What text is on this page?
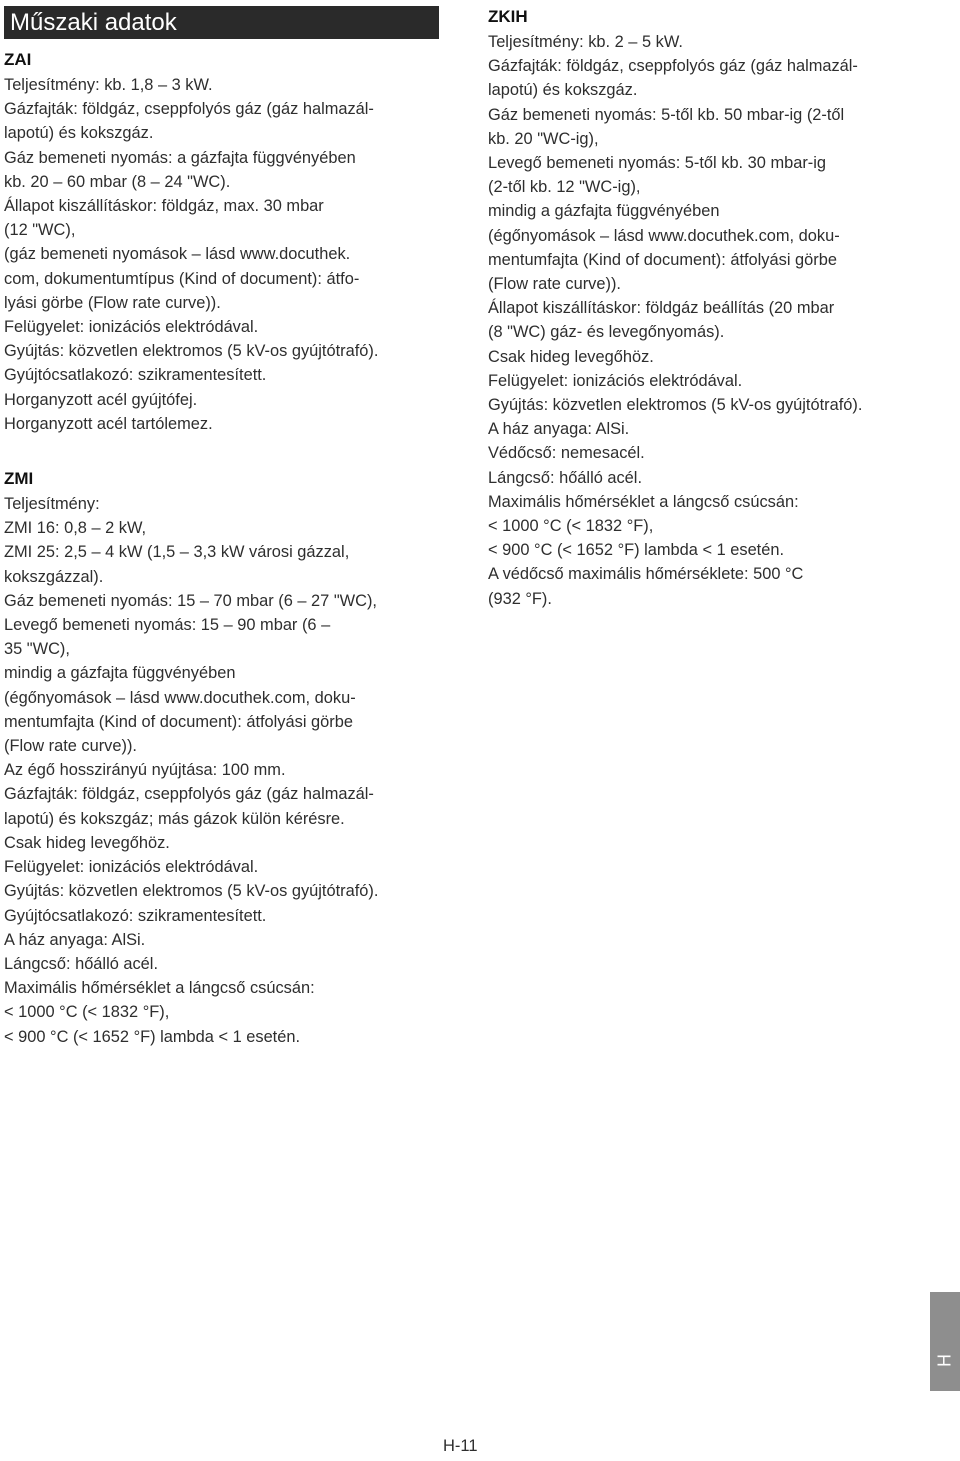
Műszaki adatok
ZAI
Teljesítmény: kb. 1,8 – 3 kW.
Gázfajták: földgáz, cseppfolyós gáz (gáz halmazál-
lapotú) és kokszgáz.
Gáz bemeneti nyomás: a gázfajta függvényében
kb. 20 – 60 mbar (8 – 24 "WC).
Állapot kiszállításkor: földgáz, max. 30 mbar
(12 "WC),
(gáz bemeneti nyomások – lásd www.docuthek.
com, dokumentumtípus (Kind of document): átfo-
lyási görbe (Flow rate curve)).
Felügyelet: ionizációs elektródával.
Gyújtás: közvetlen elektromos (5 kV-os gyújtótrafó).
Gyújtócsatlakozó: szikramentesített.
Horganyzott acél gyújtófej.
Horganyzott acél tartólemez.
ZMI
Teljesítmény:
ZMI 16: 0,8 – 2 kW,
ZMI 25: 2,5 – 4 kW (1,5 – 3,3 kW városi gázzal,
kokszgázzal).
Gáz bemeneti nyomás: 15 – 70 mbar (6 – 27 "WC),
Levegő bemeneti nyomás: 15 – 90 mbar (6 –
35 "WC),
mindig a gázfajta függvényében
(égőnyomások – lásd www.docuthek.com, doku-
mentumfajta (Kind of document): átfolyási görbe
(Flow rate curve)).
Az égő hosszirányú nyújtása: 100 mm.
Gázfajták: földgáz, cseppfolyós gáz (gáz halmazál-
lapotú) és kokszgáz; más gázok külön kérésre.
Csak hideg levegőhöz.
Felügyelet: ionizációs elektródával.
Gyújtás: közvetlen elektromos (5 kV-os gyújtótrafó).
Gyújtócsatlakozó: szikramentesített.
A ház anyaga: AlSi.
Lángcső: hőálló acél.
Maximális hőmérséklet a lángcső csúcsán:
< 1000 °C (< 1832 °F),
< 900 °C (< 1652 °F) lambda < 1 esetén.
ZKIH
Teljesítmény: kb. 2 – 5 kW.
Gázfajták: földgáz, cseppfolyós gáz (gáz halmazál-
lapotú) és kokszgáz.
Gáz bemeneti nyomás: 5-től kb. 50 mbar-ig (2-től
kb. 20 "WC-ig),
Levegő bemeneti nyomás: 5-től kb. 30 mbar-ig
(2-től kb. 12 "WC-ig),
mindig a gázfajta függvényében
(égőnyomások – lásd www.docuthek.com, doku-
mentumfajta (Kind of document): átfolyási görbe
(Flow rate curve)).
Állapot kiszállításkor: földgáz beállítás (20 mbar
(8 "WC) gáz- és levegőnyomás).
Csak hideg levegőhöz.
Felügyelet: ionizációs elektródával.
Gyújtás: közvetlen elektromos (5 kV-os gyújtótrafó).
A ház anyaga: AlSi.
Védőcső: nemesacél.
Lángcső: hőálló acél.
Maximális hőmérséklet a lángcső csúcsán:
< 1000 °C (< 1832 °F),
< 900 °C (< 1652 °F) lambda < 1 esetén.
A védőcső maximális hőmérséklete: 500 °C
(932 °F).
H
H-11
